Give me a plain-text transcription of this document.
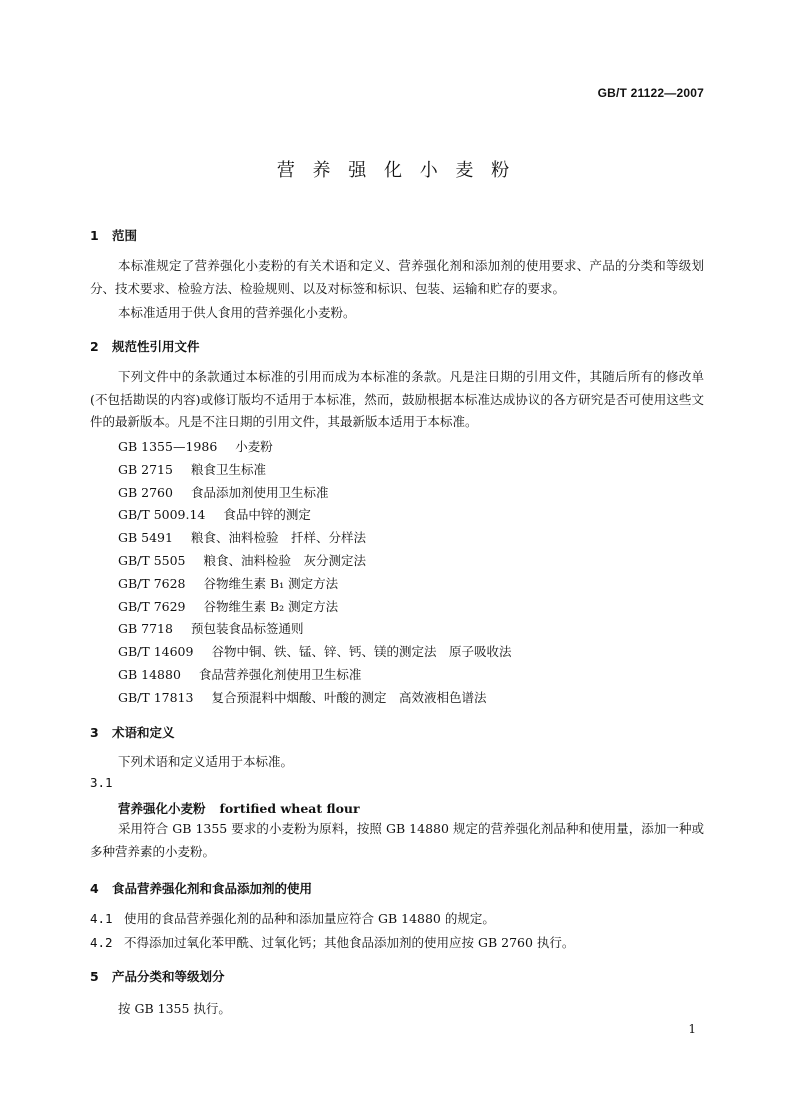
GB/T 21122—2007
营 养 强 化 小 麦 粉
1 范围

本标准规定了营养强化小麦粉的有关术语和定义、营养强化剂和添加剂的使用要求、产品的分类和等级划分、技术要求、检验方法、检验规则、以及对标签和标识、包装、运输和贮存的要求。

本标准适用于供人食用的营养强化小麦粉。
2 规范性引用文件

下列文件中的条款通过本标准的引用而成为本标准的条款。凡是注日期的引用文件，其随后所有的修改单(不包括勘误的内容)或修订版均不适用于本标准，然而，鼓励根据本标准达成协议的各方研究是否可使用这些文件的最新版本。凡是不注日期的引用文件，其最新版本适用于本标准。

GB 1355—1986 小麦粉
GB 2715 粮食卫生标准
GB 2760 食品添加剂使用卫生标准
GB/T 5009.14 食品中锌的测定
GB 5491 粮食、油料检验　扦样、分样法
GB/T 5505 粮食、油料检验　灰分测定法
GB/T 7628 谷物维生素 B₁ 测定方法
GB/T 7629 谷物维生素 B₂ 测定方法
GB 7718 预包装食品标签通则
GB/T 14609 谷物中铜、铁、锰、锌、钙、镁的测定法　原子吸收法
GB 14880 食品营养强化剂使用卫生标准
GB/T 17813 复合预混料中烟酸、叶酸的测定　高效液相色谱法
3 术语和定义
下列术语和定义适用于本标准。
3.1
营养强化小麦粉 fortified wheat flour

采用符合 GB 1355 要求的小麦粉为原料，按照 GB 14880 规定的营养强化剂品种和使用量，添加一种或多种营养素的小麦粉。

4 食品营养强化剂和食品添加剂的使用
4.1 使用的食品营养强化剂的品种和添加量应符合 GB 14880 的规定。
4.2 不得添加过氧化苯甲酰、过氧化钙；其他食品添加剂的使用应按 GB 2760 执行。
5 产品分类和等级划分
按 GB 1355 执行。
1
